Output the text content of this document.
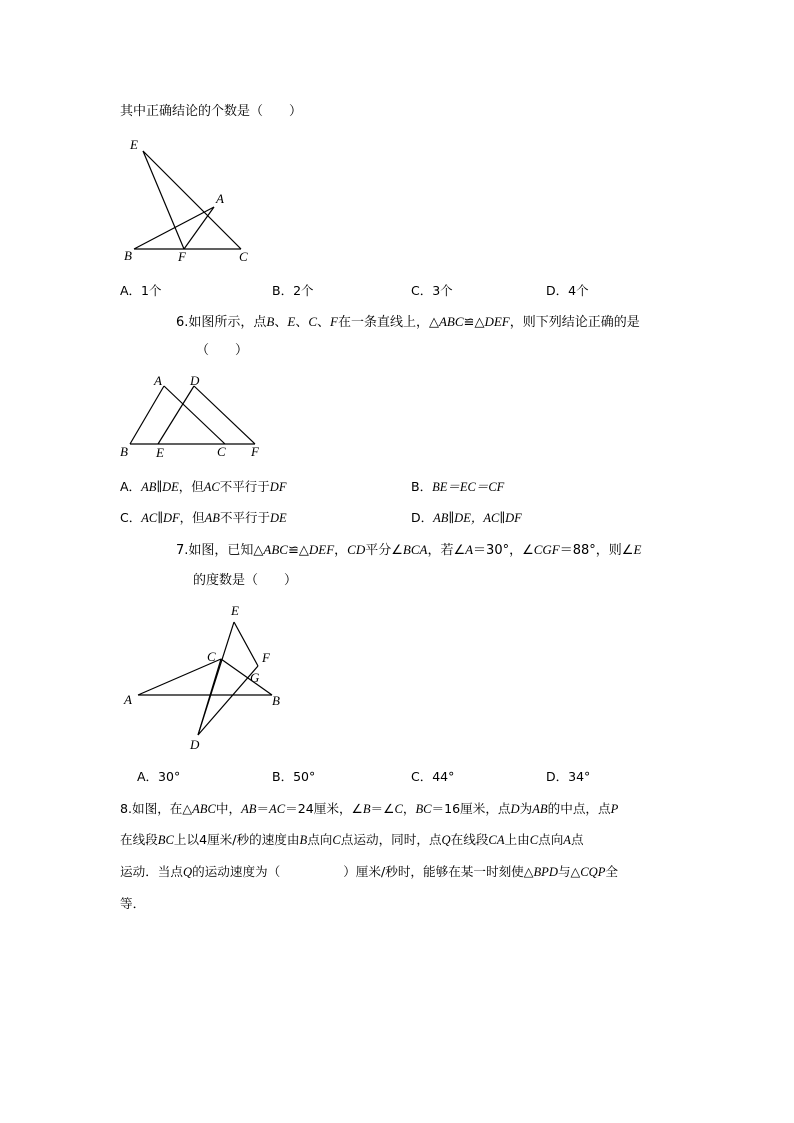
其中正确结论的个数是（　　）
E
A
B	F	C
A．1个	B．2个	C．3个	D．4个
6.如图所示，点B、E、C、F在一条直线上，△ABC≌△DEF，则下列结论正确的是
（　　）
A D
B E	C F
A．AB∥DE，但AC不平行于DF	B．BE＝EC＝CF
C．AC∥DF，但AB不平行于DE	D．AB∥DE，AC∥DF
7.如图，已知△ABC≌△DEF，CD平分∠BCA，若∠A＝30°，∠CGF＝88°，则∠E
的度数是（　　）
E
C	F
G
A	B
D
A．30°	B．50°	C．44°	D．34°
8.如图，在△ABC中，AB＝AC＝24厘米，∠B＝∠C，BC＝16厘米，点D为AB的中点，点P
在线段BC上以4厘米/秒的速度由B点向C点运动，同时，点Q在线段CA上由C点向A点
运动．当点Q的运动速度为（　　　　　）厘米/秒时，能够在某一时刻使△BPD与△CQP全
等．
